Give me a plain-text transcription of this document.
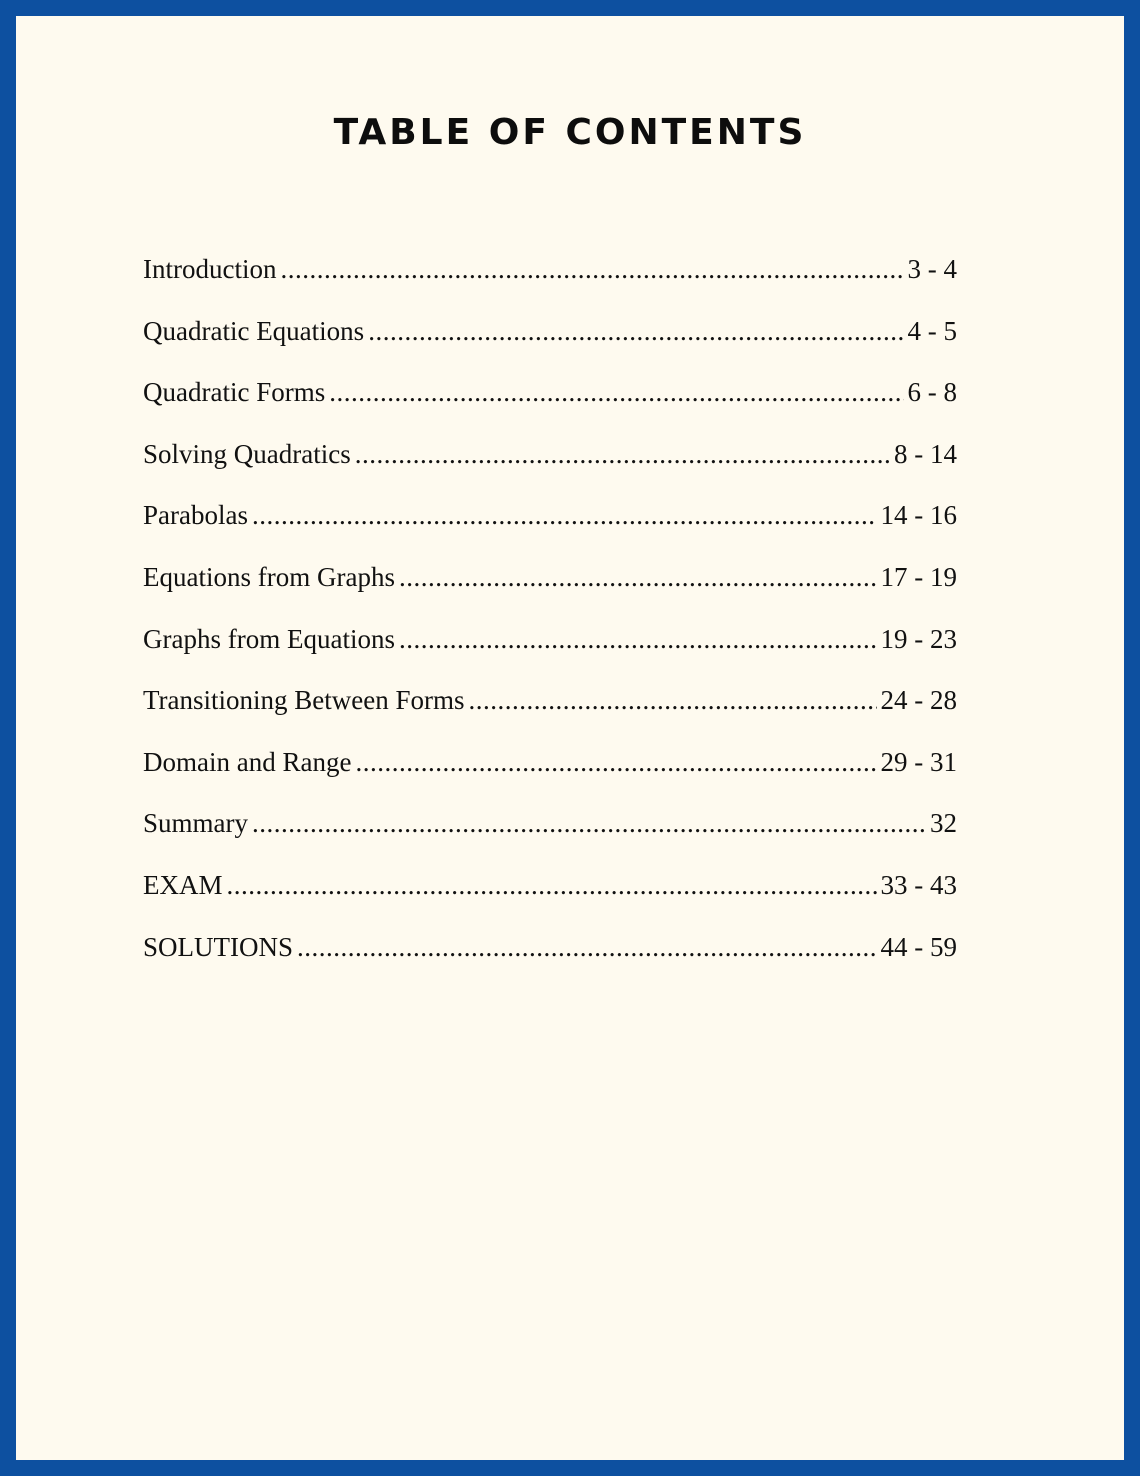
TABLE OF CONTENTS
Introduction .....	3 - 4
Quadratic Equations .....	4 - 5
Quadratic Forms .....	6 - 8
Solving Quadratics .....	8 - 14
Parabolas .....	14 - 16
Equations from Graphs .....	17 - 19
Graphs from Equations .....	19 - 23
Transitioning Between Forms .....	24 - 28
Domain and Range .....	29 - 31
Summary .....	32
EXAM .....	33 - 43
SOLUTIONS .....	44 - 59
